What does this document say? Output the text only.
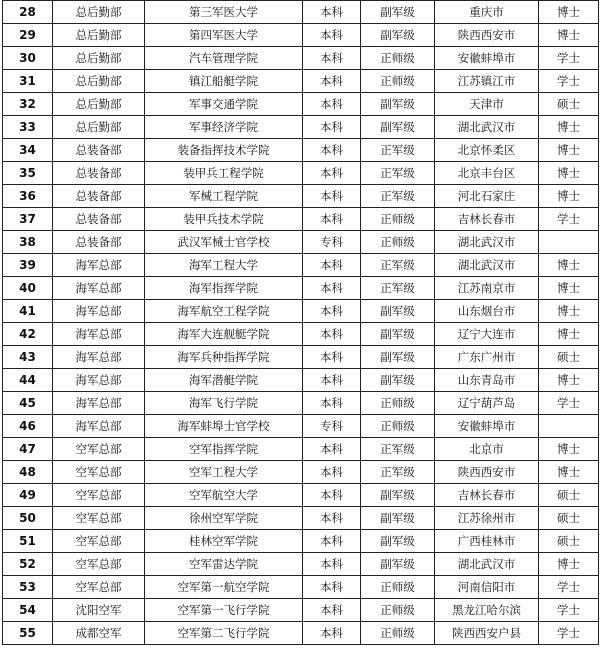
28	总后勤部	第三军医大学	本科	副军级	重庆市	博士
29	总后勤部	第四军医大学	本科	副军级	陕西西安市	博士
30	总后勤部	汽车管理学院	本科	正师级	安徽蚌埠市	学士
31	总后勤部	镇江船艇学院	本科	正师级	江苏镇江市	学士
32	总后勤部	军事交通学院	本科	副军级	天津市	硕士
33	总后勤部	军事经济学院	本科	副军级	湖北武汉市	博士
34	总装备部	装备指挥技术学院	本科	正军级	北京怀柔区	博士
35	总装备部	装甲兵工程学院	本科	正军级	北京丰台区	博士
36	总装备部	军械工程学院	本科	正军级	河北石家庄	博士
37	总装备部	装甲兵技术学院	本科	正师级	吉林长春市	学士
38	总装备部	武汉军械士官学校	专科	正师级	湖北武汉市	
39	海军总部	海军工程大学	本科	正军级	湖北武汉市	博士
40	海军总部	海军指挥学院	本科	正军级	江苏南京市	博士
41	海军总部	海军航空工程学院	本科	副军级	山东烟台市	博士
42	海军总部	海军大连舰艇学院	本科	副军级	辽宁大连市	博士
43	海军总部	海军兵种指挥学院	本科	副军级	广东广州市	硕士
44	海军总部	海军潜艇学院	本科	副军级	山东青岛市	博士
45	海军总部	海军飞行学院	本科	正师级	辽宁葫芦岛	学士
46	海军总部	海军蚌埠士官学校	专科	正师级	安徽蚌埠市	
47	空军总部	空军指挥学院	本科	正军级	北京市	博士
48	空军总部	空军工程大学	本科	正军级	陕西西安市	博士
49	空军总部	空军航空大学	本科	副军级	吉林长春市	硕士
50	空军总部	徐州空军学院	本科	副军级	江苏徐州市	硕士
51	空军总部	桂林空军学院	本科	副军级	广西桂林市	硕士
52	空军总部	空军雷达学院	本科	副军级	湖北武汉市	博士
53	空军总部	空军第一航空学院	本科	正师级	河南信阳市	学士
54	沈阳空军	空军第一飞行学院	本科	正师级	黑龙江哈尔滨	学士
55	成都空军	空军第二飞行学院	本科	正师级	陕西西安户县	学士
